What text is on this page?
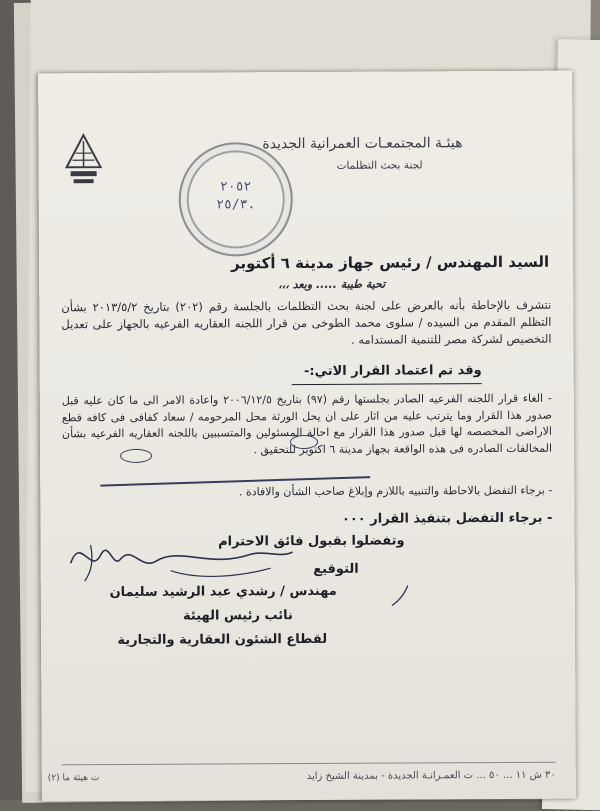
هيئـة المجتمعـات العمرانية الجديدة
لجنة بحث التظلمات
٢٠٥٢
٢٥/٣.
السيد المهندس / رئيس جهاز مدينة ٦ أكتوبر
تحية طيبة ..... وبعد ،،،
نتشرف بالإحاطة بأنه بالعرض على لجنة بحث التظلمات بالجلسة رقم (٢٠٢) بتاريخ ٢٠١٣/٥/٢ بشأن التظلم المقدم من السيده / سلوى محمد الطوخى من قرار اللجنه العقاريه الفرعيه بالجهاز على تعديل التخصيص لشركة مصر للتنمية المستدامه .
وقد تم اعتماد القرار الاتي:-
- الغاء قرار اللجنه الفرعيه الصادر بجلستها رقم (٩٧) بتاريخ ٢٠٠٦/١٢/٥ واعادة الامر الى ما كان عليه قبل صدور هذا القرار وما يترتب عليه من اثار على ان يحل الورثة محل المرحومه / سعاد كفافى فى كافه قطع الاراضى المخصصه لها قبل صدور هذا القرار مع احالة المسئولين والمتسببين باللجنه العقاريه الفرعيه بشأن المخالفات الصادره فى هذه الواقعة بجهاز مدينة ٦ اكتوبر للتحقيق .
- برجاء التفضل بالاحاطة والتنبيه باللازم وإبلاغ صاحب الشأن والافادة .
- برجاء التفضل بتنفيذ القرار ٠٠٠
وتفضلوا بقبول فائق الاحترام
التوقيع
مهندس / رشدي عبد الرشيد سليمان
نائب رئيس الهيئة
لقطاع الشئون العقارية والتجارية
٣٠ ش ١١ ... ٥٠ ... ت العمـرانـة الجديدة - بمدينة الشيخ زايد
ت هيئة ما (٢)
